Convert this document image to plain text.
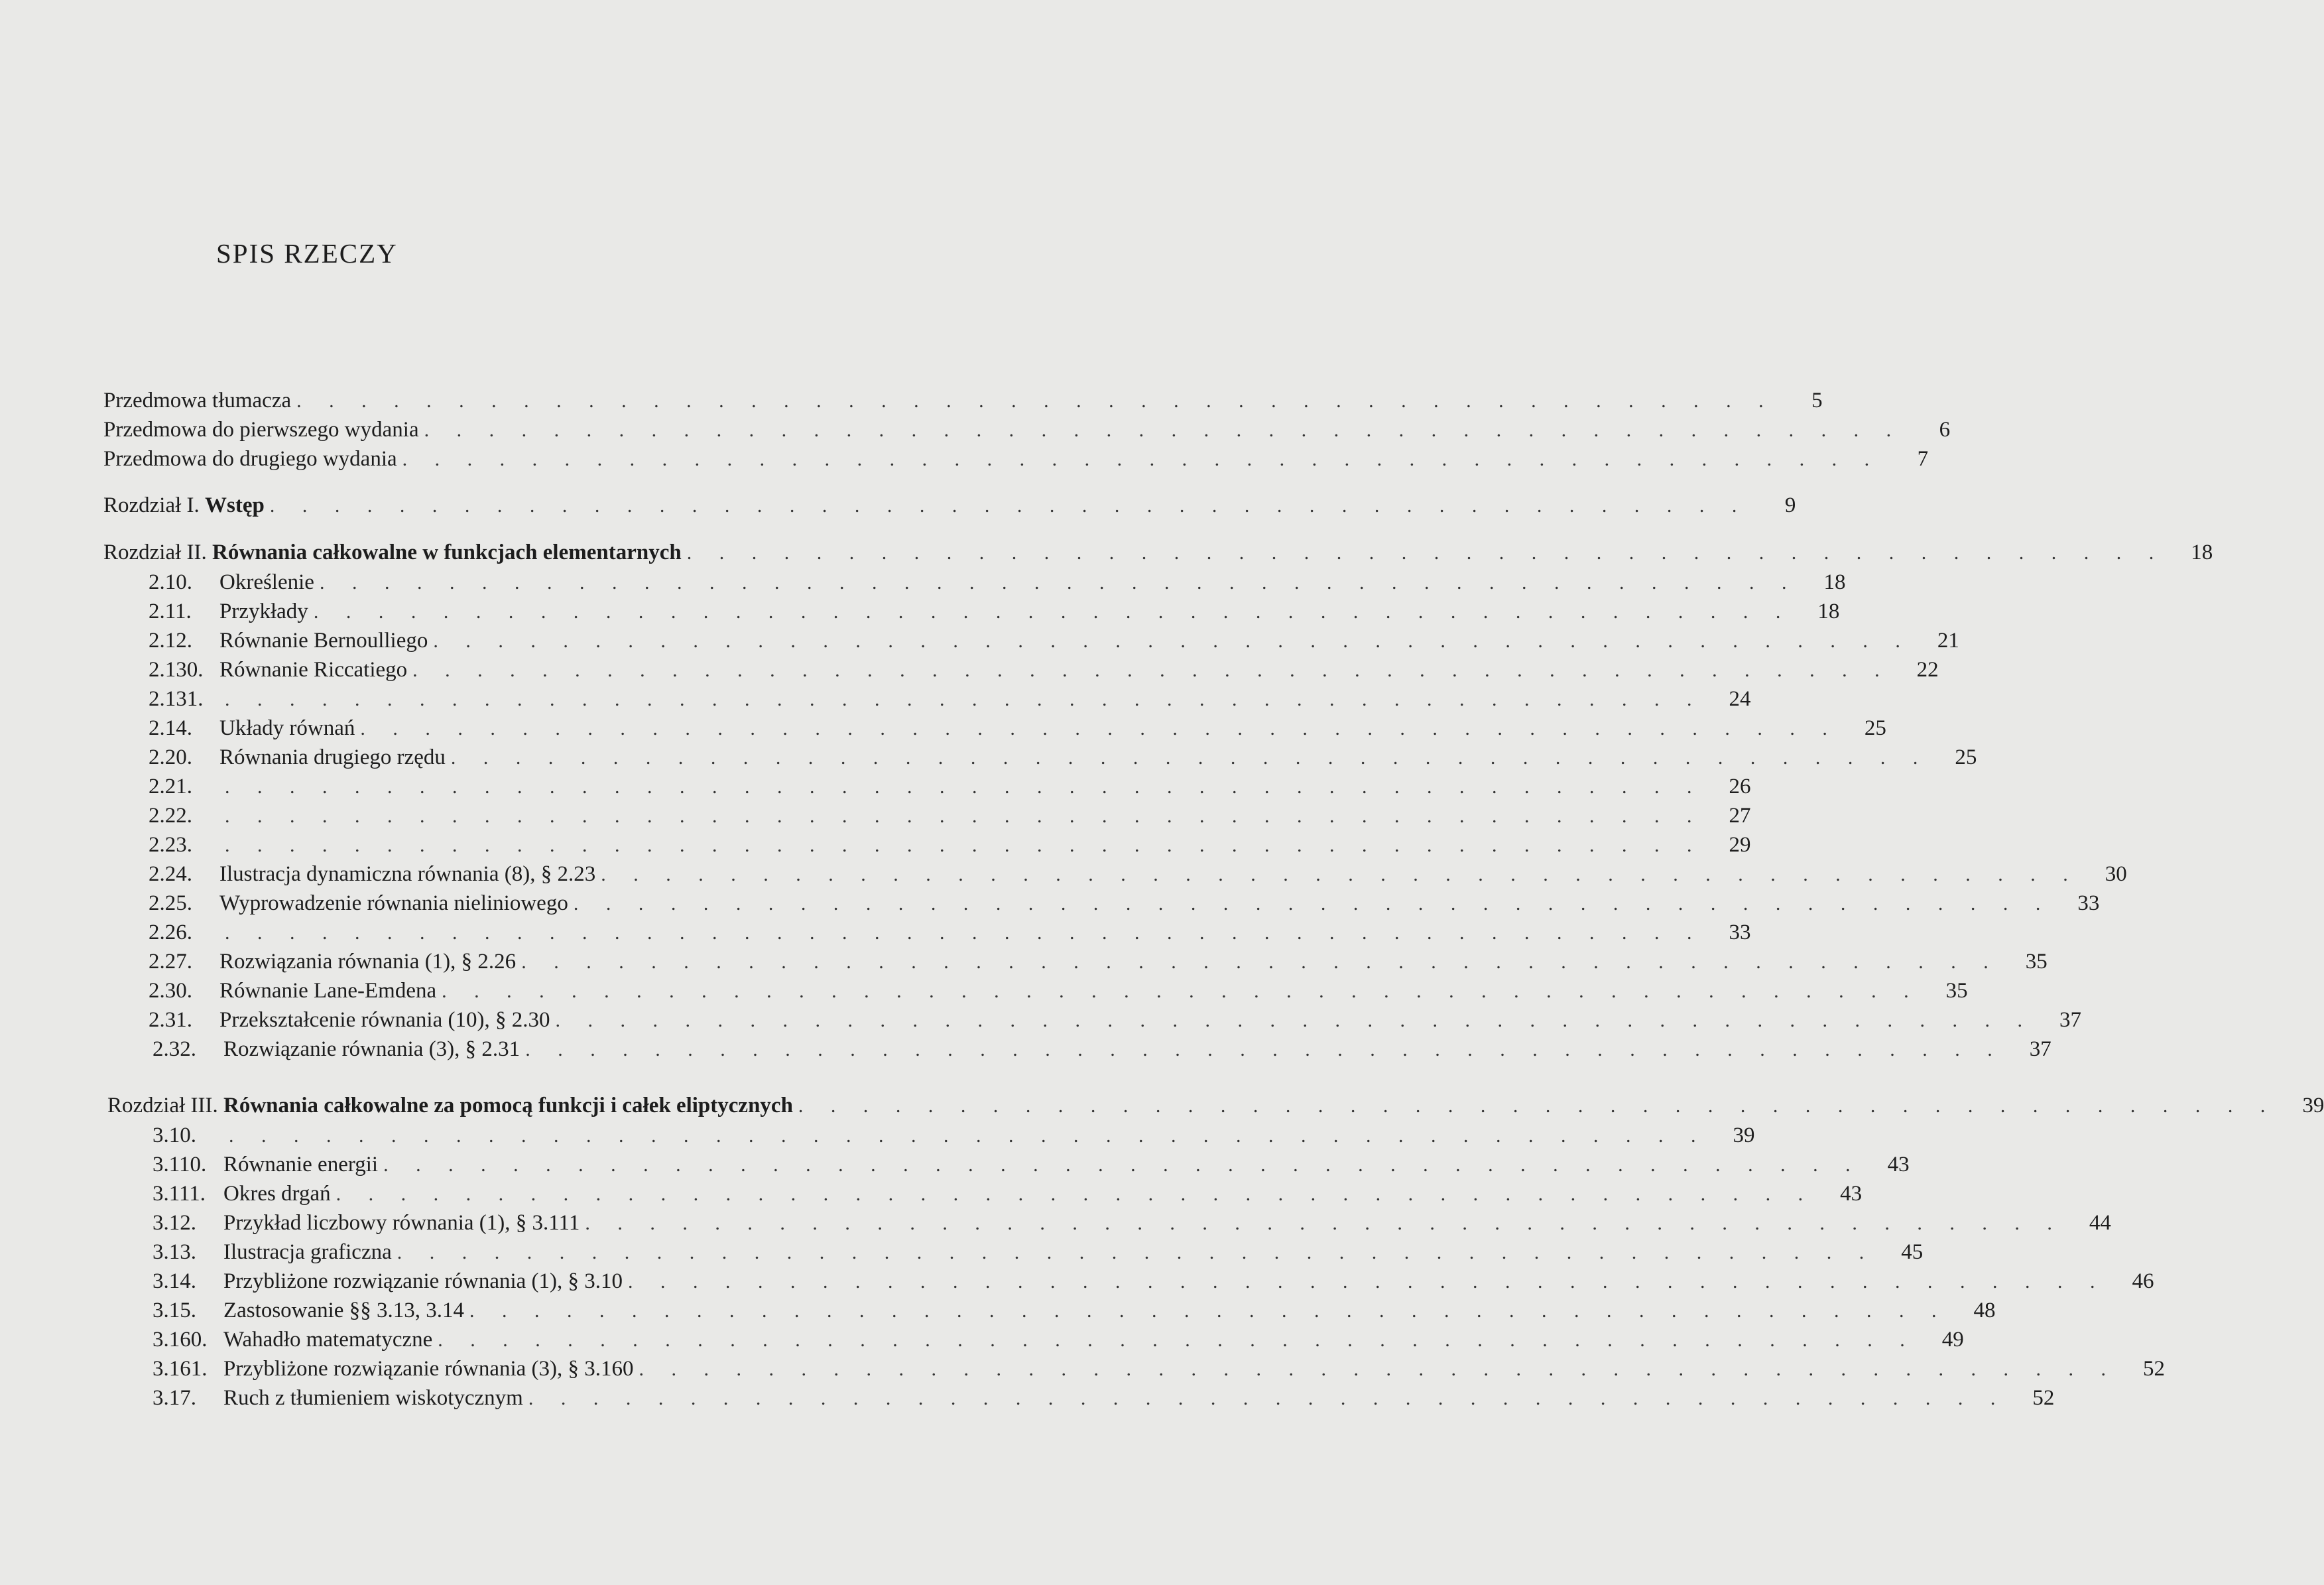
SPIS RZECZY
Przedmowa tłumacza . . . . . . . . . . . . . . . . . . . . . . . . . . . . . . . . . . . . . . . . . . . . . .	5
Przedmowa do pierwszego wydania . . . . . . . . . . . . . . . . . . . . . . . . . . . . . . . . . . . . . . . . . . . . . .	6
Przedmowa do drugiego wydania . . . . . . . . . . . . . . . . . . . . . . . . . . . . . . . . . . . . . . . . . . . . . .	7
Rozdział I. Wstęp . . . . . . . . . . . . . . . . . . . . . . . . . . . . . . . . . . . . . . . . . . . . . .	9
Rozdział II. Równania całkowalne w funkcjach elementarnych . . . . . . . . . . . . . . . . . . . . . . . . . . . . . . . . . . . . . . . . . . . . . .	18
2.10.	Określenie . . . . . . . . . . . . . . . . . . . . . . . . . . . . . . . . . . . . . . . . . . . . . .	18
2.11.	Przykłady . . . . . . . . . . . . . . . . . . . . . . . . . . . . . . . . . . . . . . . . . . . . . .	18
2.12.	Równanie Bernoulliego . . . . . . . . . . . . . . . . . . . . . . . . . . . . . . . . . . . . . . . . . . . . . .	21
2.130. Równanie Riccatiego . . . . . . . . . . . . . . . . . . . . . . . . . . . . . . . . . . . . . . . . . . . . . .	22
2.131.	. . . . . . . . . . . . . . . . . . . . . . . . . . . . . . . . . . . . . . . . . . . . . .	24
2.14.	Układy równań . . . . . . . . . . . . . . . . . . . . . . . . . . . . . . . . . . . . . . . . . . . . . .	25
2.20.	Równania drugiego rzędu . . . . . . . . . . . . . . . . . . . . . . . . . . . . . . . . . . . . . . . . . . . . . .	25
2.21.	. . . . . . . . . . . . . . . . . . . . . . . . . . . . . . . . . . . . . . . . . . . . . .	26
2.22.	. . . . . . . . . . . . . . . . . . . . . . . . . . . . . . . . . . . . . . . . . . . . . .	27
2.23.	. . . . . . . . . . . . . . . . . . . . . . . . . . . . . . . . . . . . . . . . . . . . . .	29
2.24.	Ilustracja dynamiczna równania (8), § 2.23 . . . . . . . . . . . . . . . . . . . . . . . . . . . . . . . . . . . . . . . . . . . . . .	30
2.25.	Wyprowadzenie równania nieliniowego . . . . . . . . . . . . . . . . . . . . . . . . . . . . . . . . . . . . . . . . . . . . . .	33
2.26.	. . . . . . . . . . . . . . . . . . . . . . . . . . . . . . . . . . . . . . . . . . . . . .	33
2.27.	Rozwiązania równania (1), § 2.26 . . . . . . . . . . . . . . . . . . . . . . . . . . . . . . . . . . . . . . . . . . . . . .	35
2.30.	Równanie Lane-Emdena . . . . . . . . . . . . . . . . . . . . . . . . . . . . . . . . . . . . . . . . . . . . . .	35
2.31.	Przekształcenie równania (10), § 2.30 . . . . . . . . . . . . . . . . . . . . . . . . . . . . . . . . . . . . . . . . . . . . . .	37
2.32.	Rozwiązanie równania (3), § 2.31 . . . . . . . . . . . . . . . . . . . . . . . . . . . . . . . . . . . . . . . . . . . . . .	37
Rozdział III. Równania całkowalne za pomocą funkcji i całek eliptycznych . . . . . . . . . . . . . . . . . . . . . . . . . . . . . . . . . . . . . . . . . . . . . .	39
3.10.	. . . . . . . . . . . . . . . . . . . . . . . . . . . . . . . . . . . . . . . . . . . . . .	39
3.110. Równanie energii . . . . . . . . . . . . . . . . . . . . . . . . . . . . . . . . . . . . . . . . . . . . . .	43
3.111. Okres drgań . . . . . . . . . . . . . . . . . . . . . . . . . . . . . . . . . . . . . . . . . . . . . .	43
3.12.	Przykład liczbowy równania (1), § 3.111 . . . . . . . . . . . . . . . . . . . . . . . . . . . . . . . . . . . . . . . . . . . . . .	44
3.13.	Ilustracja graficzna . . . . . . . . . . . . . . . . . . . . . . . . . . . . . . . . . . . . . . . . . . . . . .	45
3.14.	Przybliżone rozwiązanie równania (1), § 3.10 . . . . . . . . . . . . . . . . . . . . . . . . . . . . . . . . . . . . . . . . . . . . . .	46
3.15.	Zastosowanie §§ 3.13, 3.14 . . . . . . . . . . . . . . . . . . . . . . . . . . . . . . . . . . . . . . . . . . . . . .	48
3.160. Wahadło matematyczne . . . . . . . . . . . . . . . . . . . . . . . . . . . . . . . . . . . . . . . . . . . . . .	49
3.161. Przybliżone rozwiązanie równania (3), § 3.160 . . . . . . . . . . . . . . . . . . . . . . . . . . . . . . . . . . . . . . . . . . . . . .	52
3.17.	Ruch z tłumieniem wiskotycznym . . . . . . . . . . . . . . . . . . . . . . . . . . . . . . . . . . . . . . . . . . . . . .	52
